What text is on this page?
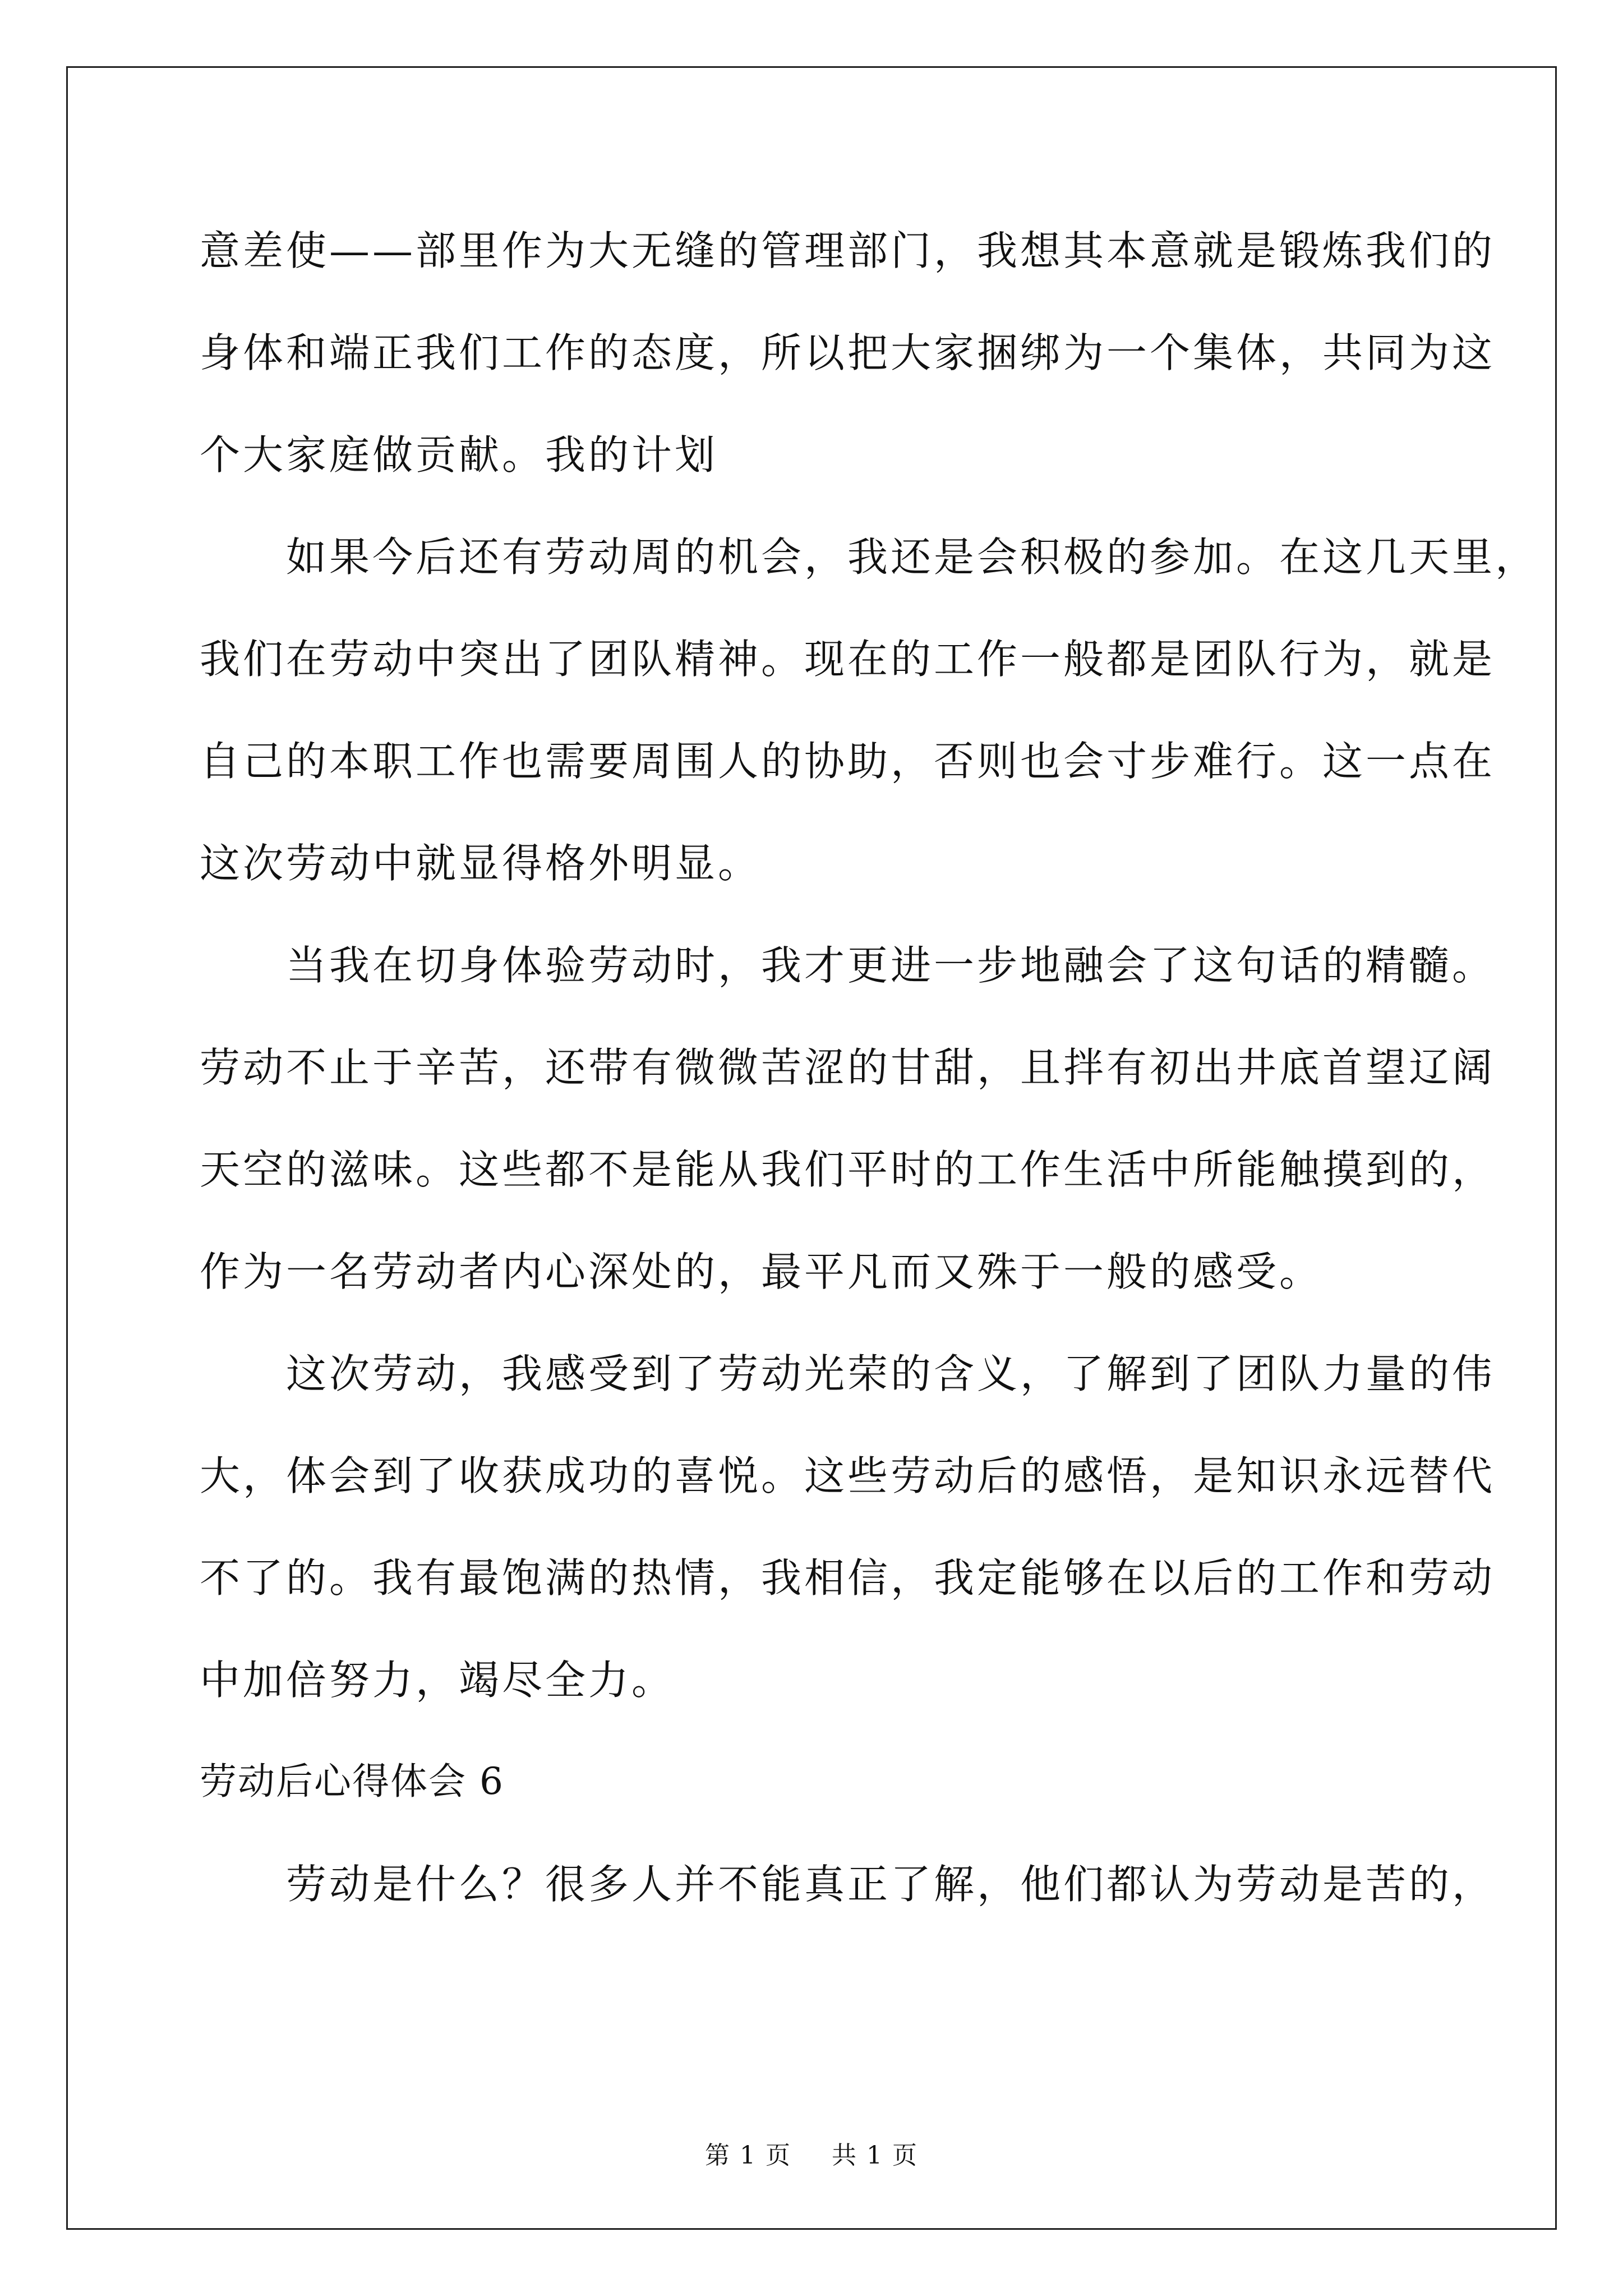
意差使——部里作为大无缝的管理部门，我想其本意就是锻炼我们的
身体和端正我们工作的态度，所以把大家捆绑为一个集体，共同为这
个大家庭做贡献。我的计划
　　如果今后还有劳动周的机会，我还是会积极的参加。在这几天里，
我们在劳动中突出了团队精神。现在的工作一般都是团队行为，就是
自己的本职工作也需要周围人的协助，否则也会寸步难行。这一点在
这次劳动中就显得格外明显。
　　当我在切身体验劳动时，我才更进一步地融会了这句话的精髓。
劳动不止于辛苦，还带有微微苦涩的甘甜，且拌有初出井底首望辽阔
天空的滋味。这些都不是能从我们平时的工作生活中所能触摸到的，
作为一名劳动者内心深处的，最平凡而又殊于一般的感受。
　　这次劳动，我感受到了劳动光荣的含义，了解到了团队力量的伟
大，体会到了收获成功的喜悦。这些劳动后的感悟，是知识永远替代
不了的。我有最饱满的热情，我相信，我定能够在以后的工作和劳动
中加倍努力，竭尽全力。
劳动后心得体会 6
　　劳动是什么？很多人并不能真正了解，他们都认为劳动是苦的，
第 1 页 共 1 页
